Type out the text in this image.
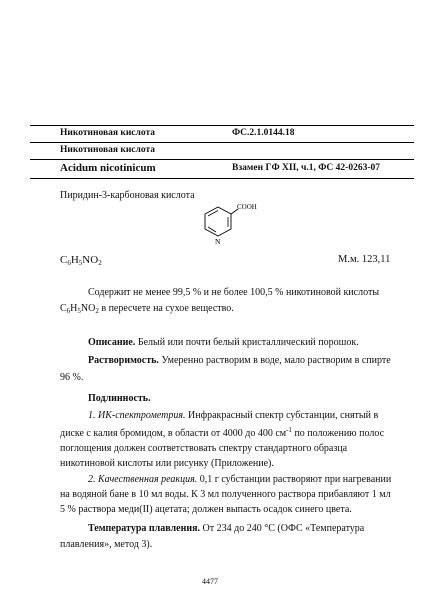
Никотиновая кислота	ФС.2.1.0144.18
Никотиновая кислота
Acidum nicotinicum	Взамен ГФ XII, ч.1, ФС 42-0263-07
Пиридин-3-карбоновая кислота
COOH
N
$C_6H_5NO_2$	М.м. 123,11
Содержит не менее 99,5 % и не более 100,5 % никотиновой кислоты $C_6H_5NO_2$ в пересчете на сухое вещество.
Описание. Белый или почти белый кристаллический порошок.
Растворимость. Умеренно растворим в воде, мало растворим в спирте 96 %.
Подлинность.
1. ИК-спектрометрия. Инфракрасный спектр субстанции, снятый в диске с калия бромидом, в области от 4000 до 400 $см^{-1}$ по положению полос поглощения должен соответствовать спектру стандартного образца никотиновой кислоты или рисунку (Приложение).
2. Качественная реакция. 0,1 г субстанции растворяют при нагревании на водяной бане в 10 мл воды. К 3 мл полученного раствора прибавляют 1 мл 5 % раствора меди(II) ацетата; должен выпасть осадок синего цвета.
Температура плавления. От 234 до 240 °С (ОФС «Температура плавления», метод 3).
4477
